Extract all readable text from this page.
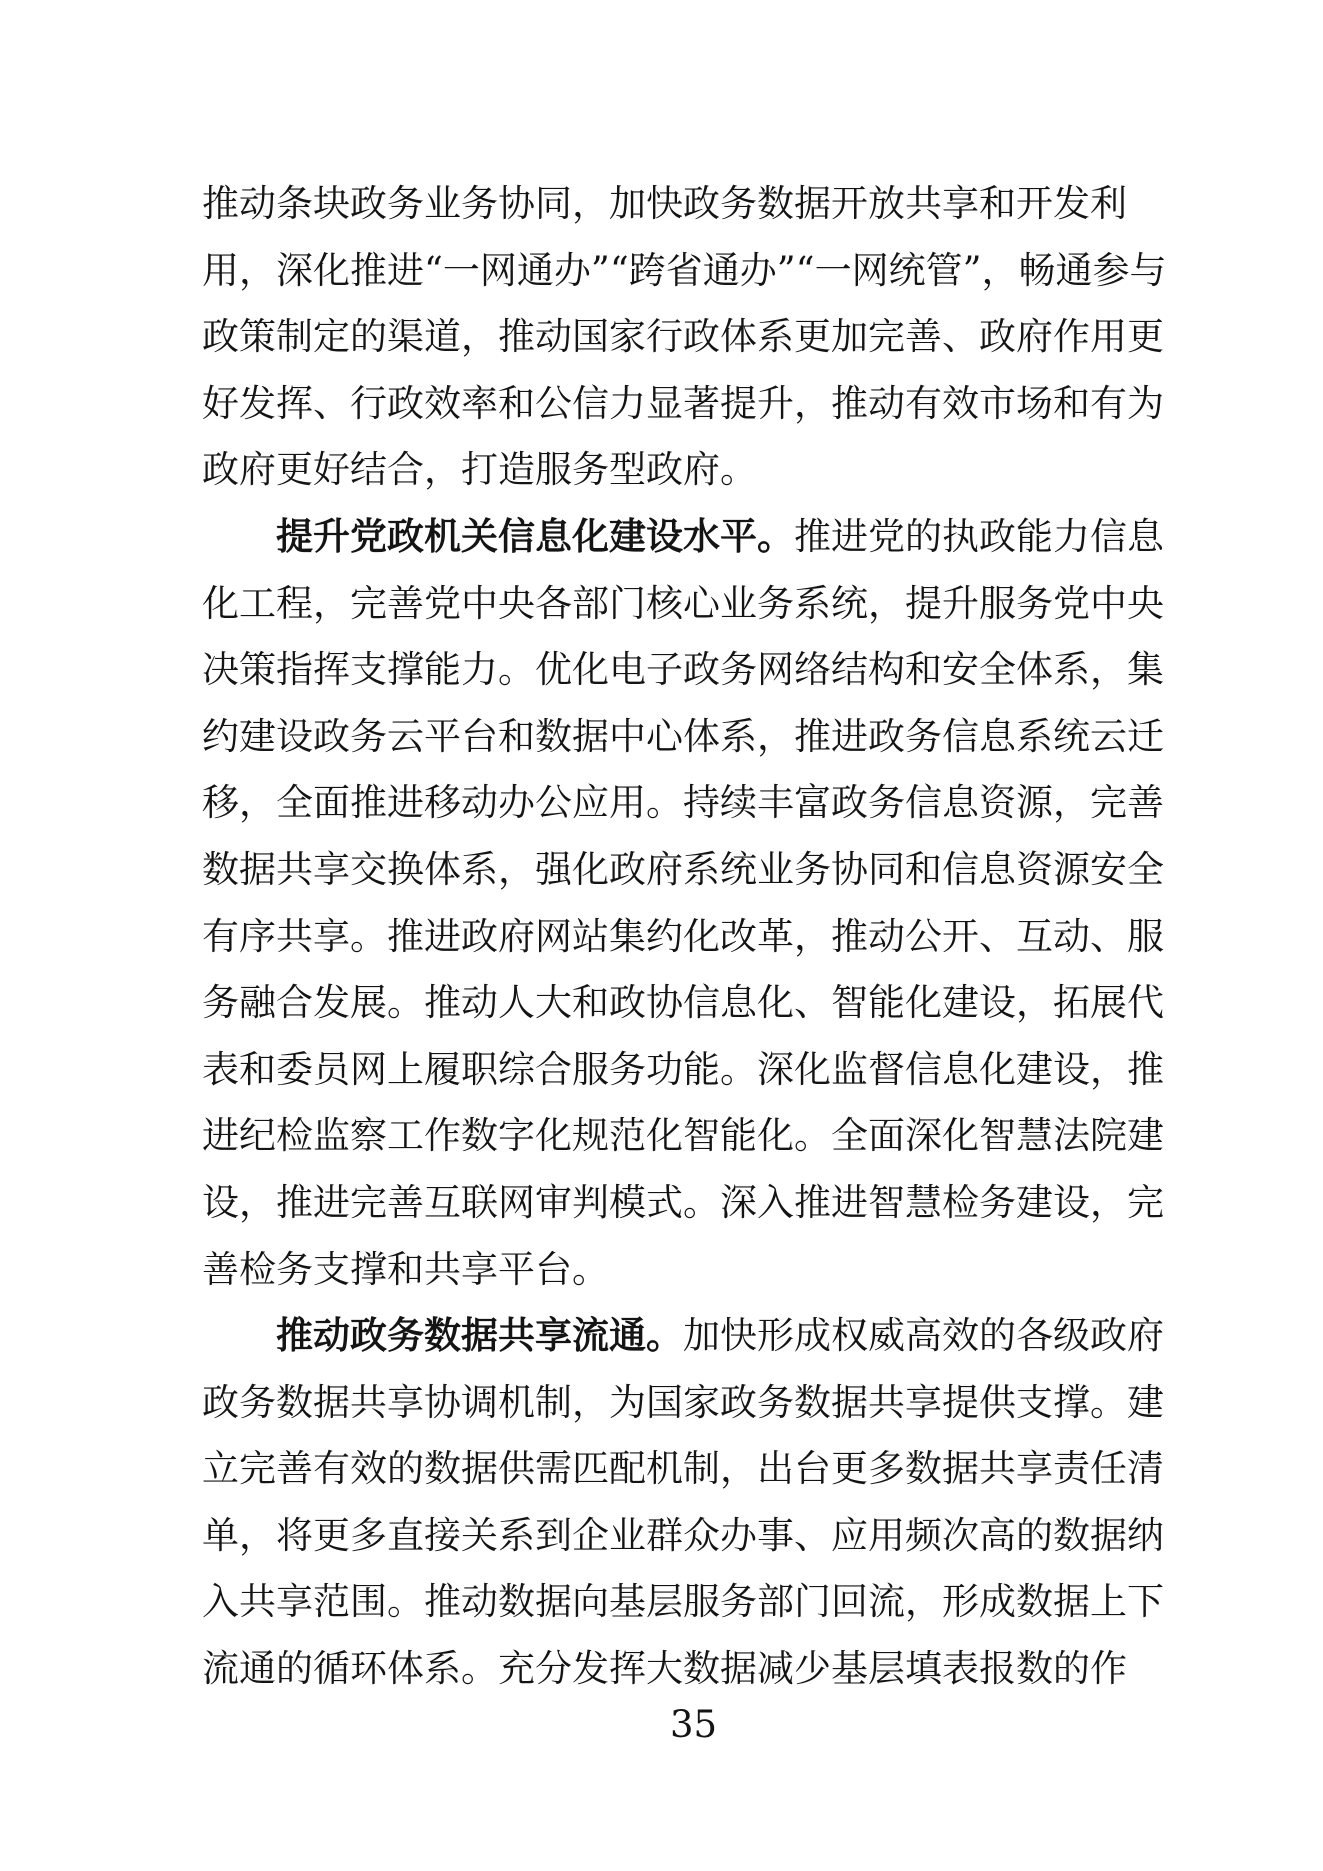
推动条块政务业务协同，加快政务数据开放共享和开发利
用，深化推进“一网通办”“跨省通办”“一网统管”，畅通参与
政策制定的渠道，推动国家行政体系更加完善、政府作用更
好发挥、行政效率和公信力显著提升，推动有效市场和有为
政府更好结合，打造服务型政府。
提升党政机关信息化建设水平。推进党的执政能力信息
化工程，完善党中央各部门核心业务系统，提升服务党中央
决策指挥支撑能力。优化电子政务网络结构和安全体系，集
约建设政务云平台和数据中心体系，推进政务信息系统云迁
移，全面推进移动办公应用。持续丰富政务信息资源，完善
数据共享交换体系，强化政府系统业务协同和信息资源安全
有序共享。推进政府网站集约化改革，推动公开、互动、服
务融合发展。推动人大和政协信息化、智能化建设，拓展代
表和委员网上履职综合服务功能。深化监督信息化建设，推
进纪检监察工作数字化规范化智能化。全面深化智慧法院建
设，推进完善互联网审判模式。深入推进智慧检务建设，完
善检务支撑和共享平台。
推动政务数据共享流通。加快形成权威高效的各级政府
政务数据共享协调机制，为国家政务数据共享提供支撑。建
立完善有效的数据供需匹配机制，出台更多数据共享责任清
单，将更多直接关系到企业群众办事、应用频次高的数据纳
入共享范围。推动数据向基层服务部门回流，形成数据上下
流通的循环体系。充分发挥大数据减少基层填表报数的作
35
